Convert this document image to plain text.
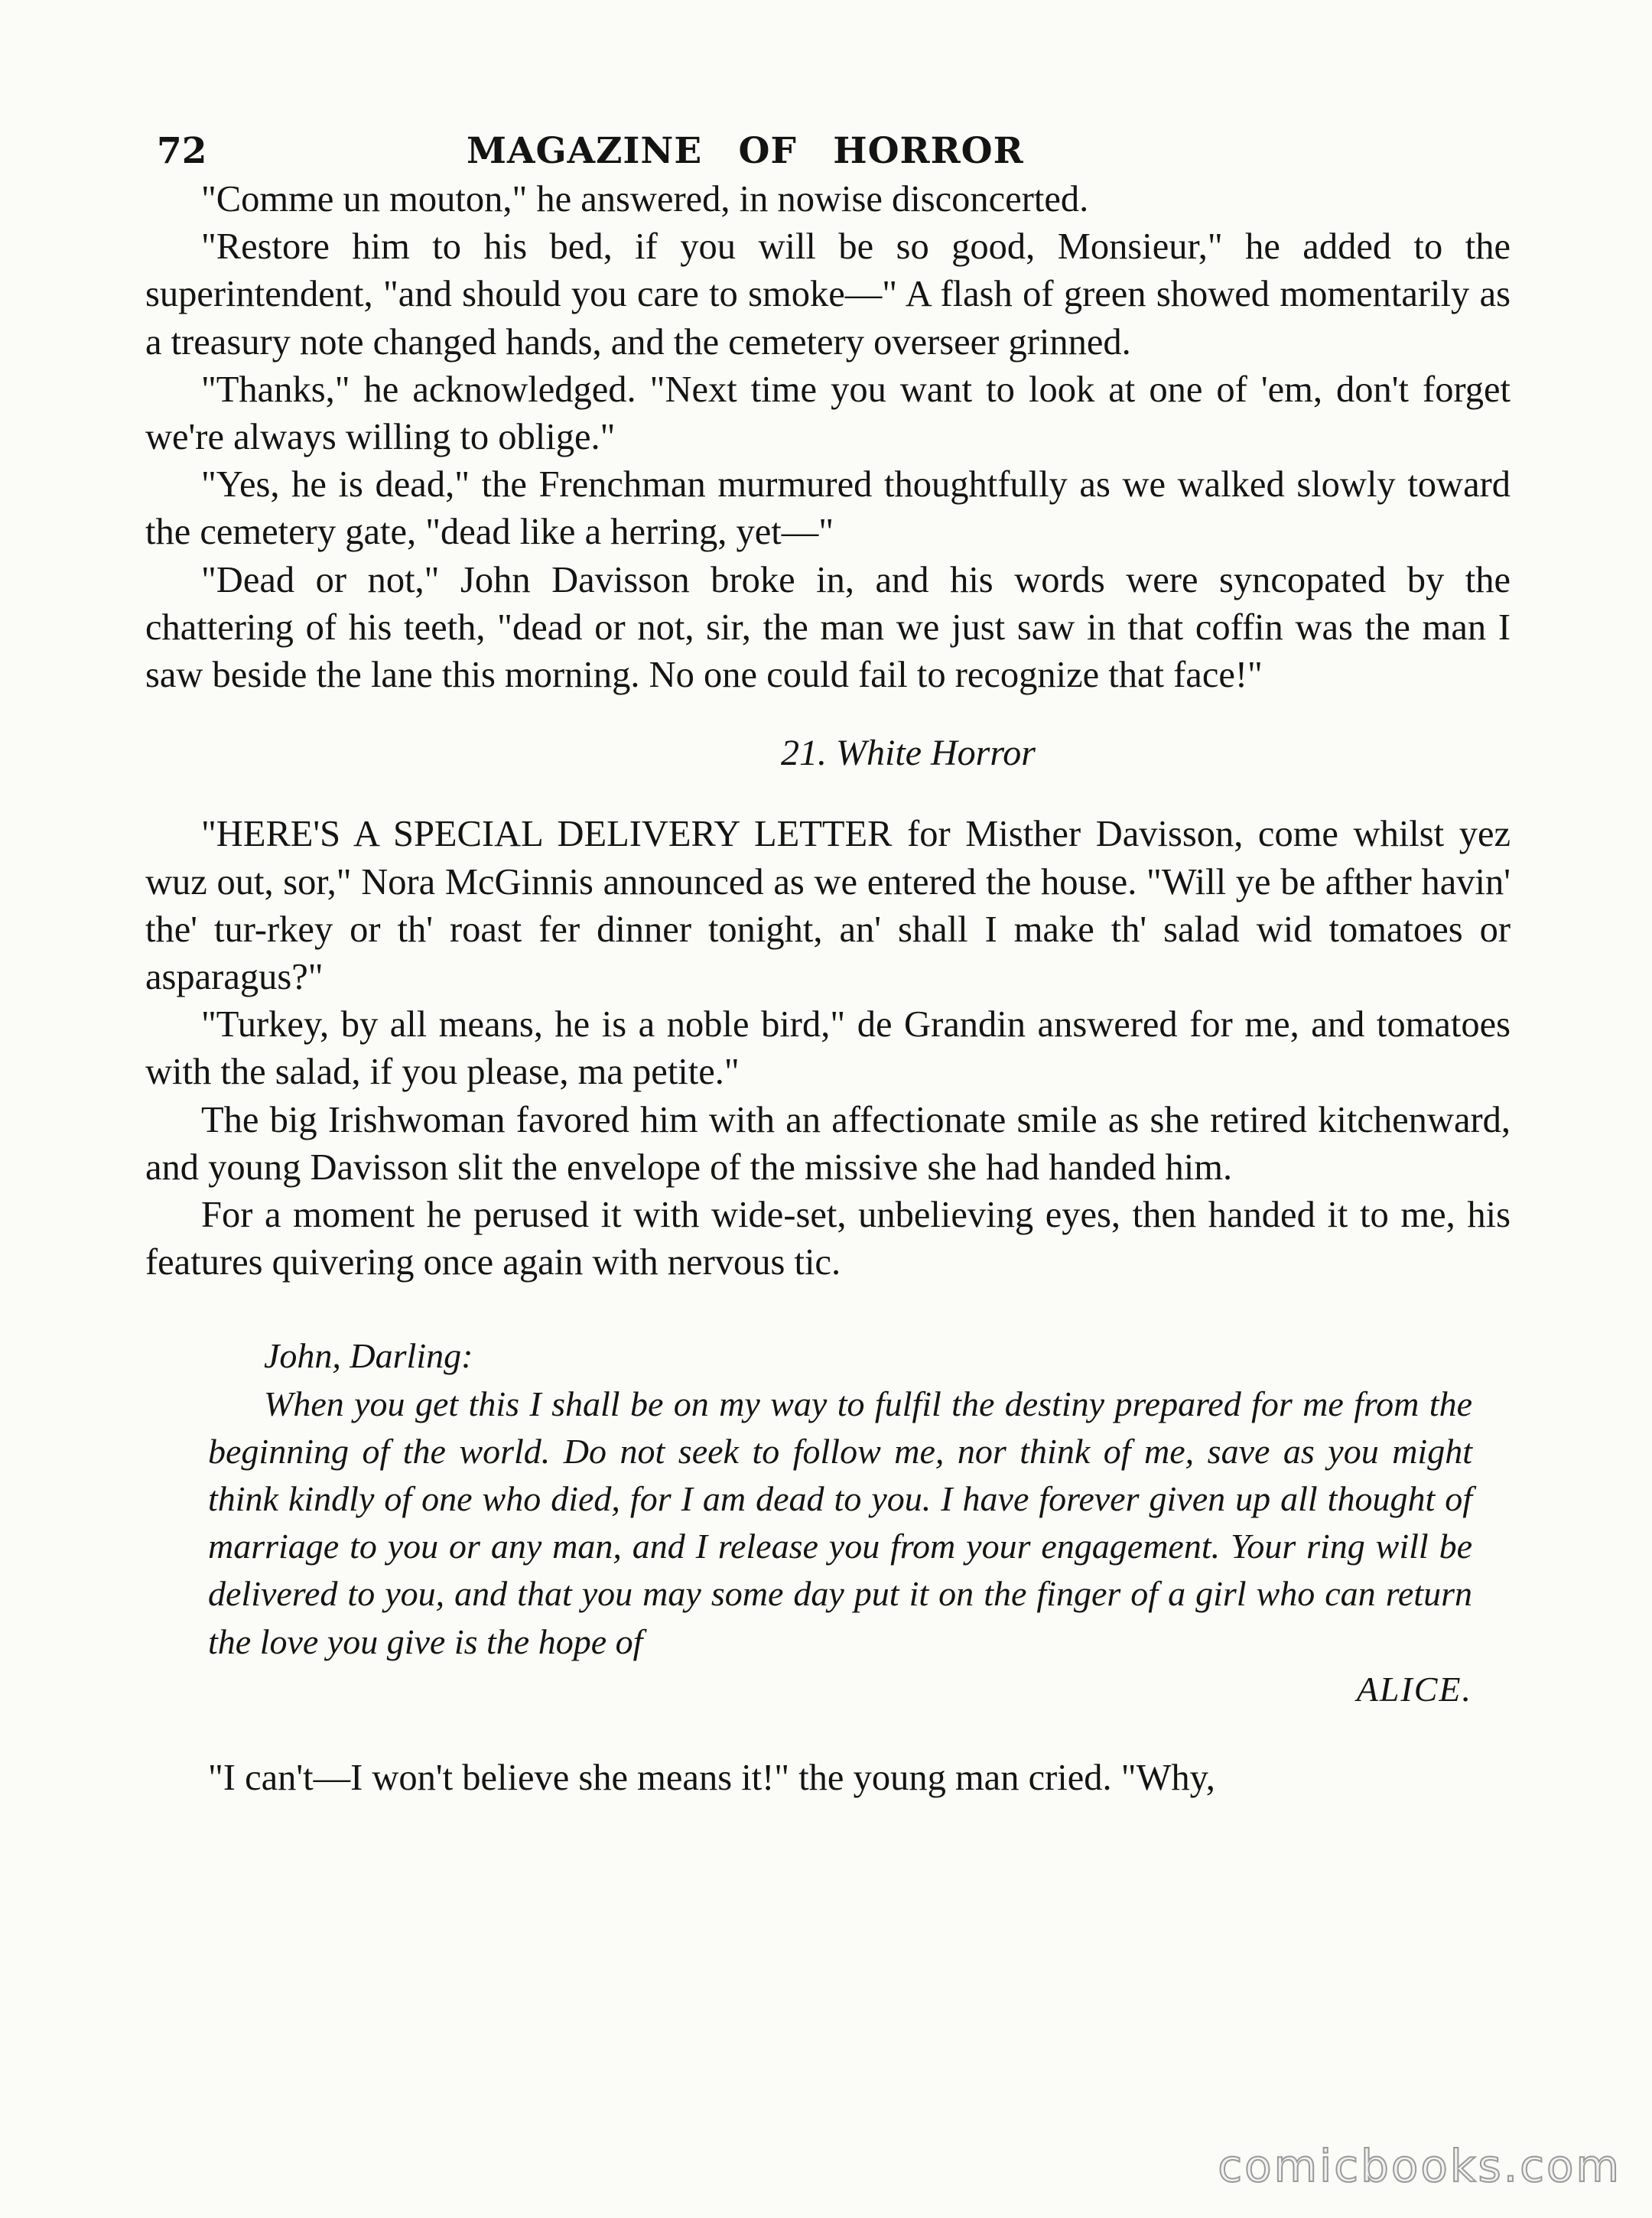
72	MAGAZINE OF HORROR

"Comme un mouton," he answered, in nowise disconcerted.

"Restore him to his bed, if you will be so good, Monsieur," he added to the superintendent, "and should you care to smoke—" A flash of green showed momentarily as a treasury note changed hands, and the cemetery overseer grinned.

"Thanks," he acknowledged. "Next time you want to look at one of 'em, don't forget we're always willing to oblige."

"Yes, he is dead," the Frenchman murmured thoughtfully as we walked slowly toward the cemetery gate, "dead like a herring, yet—"

"Dead or not," John Davisson broke in, and his words were syncopated by the chattering of his teeth, "dead or not, sir, the man we just saw in that coffin was the man I saw beside the lane this morning. No one could fail to recognize that face!"

21. White Horror

"HERE'S A SPECIAL DELIVERY LETTER for Misther Davisson, come whilst yez wuz out, sor," Nora McGinnis announced as we entered the house. "Will ye be afther havin' the' tur-rkey or th' roast fer dinner tonight, an' shall I make th' salad wid tomatoes or asparagus?"

"Turkey, by all means, he is a noble bird," de Grandin answered for me, and tomatoes with the salad, if you please, ma petite."

The big Irishwoman favored him with an affectionate smile as she retired kitchenward, and young Davisson slit the envelope of the missive she had handed him.

For a moment he perused it with wide-set, unbelieving eyes, then handed it to me, his features quivering once again with nervous tic.

John, Darling:

When you get this I shall be on my way to fulfil the destiny prepared for me from the beginning of the world. Do not seek to follow me, nor think of me, save as you might think kindly of one who died, for I am dead to you. I have forever given up all thought of marriage to you or any man, and I release you from your engagement. Your ring will be delivered to you, and that you may some day put it on the finger of a girl who can return the love you give is the hope of

ALICE.

"I can't—I won't believe she means it!" the young man cried. "Why,

comicbooks.com
